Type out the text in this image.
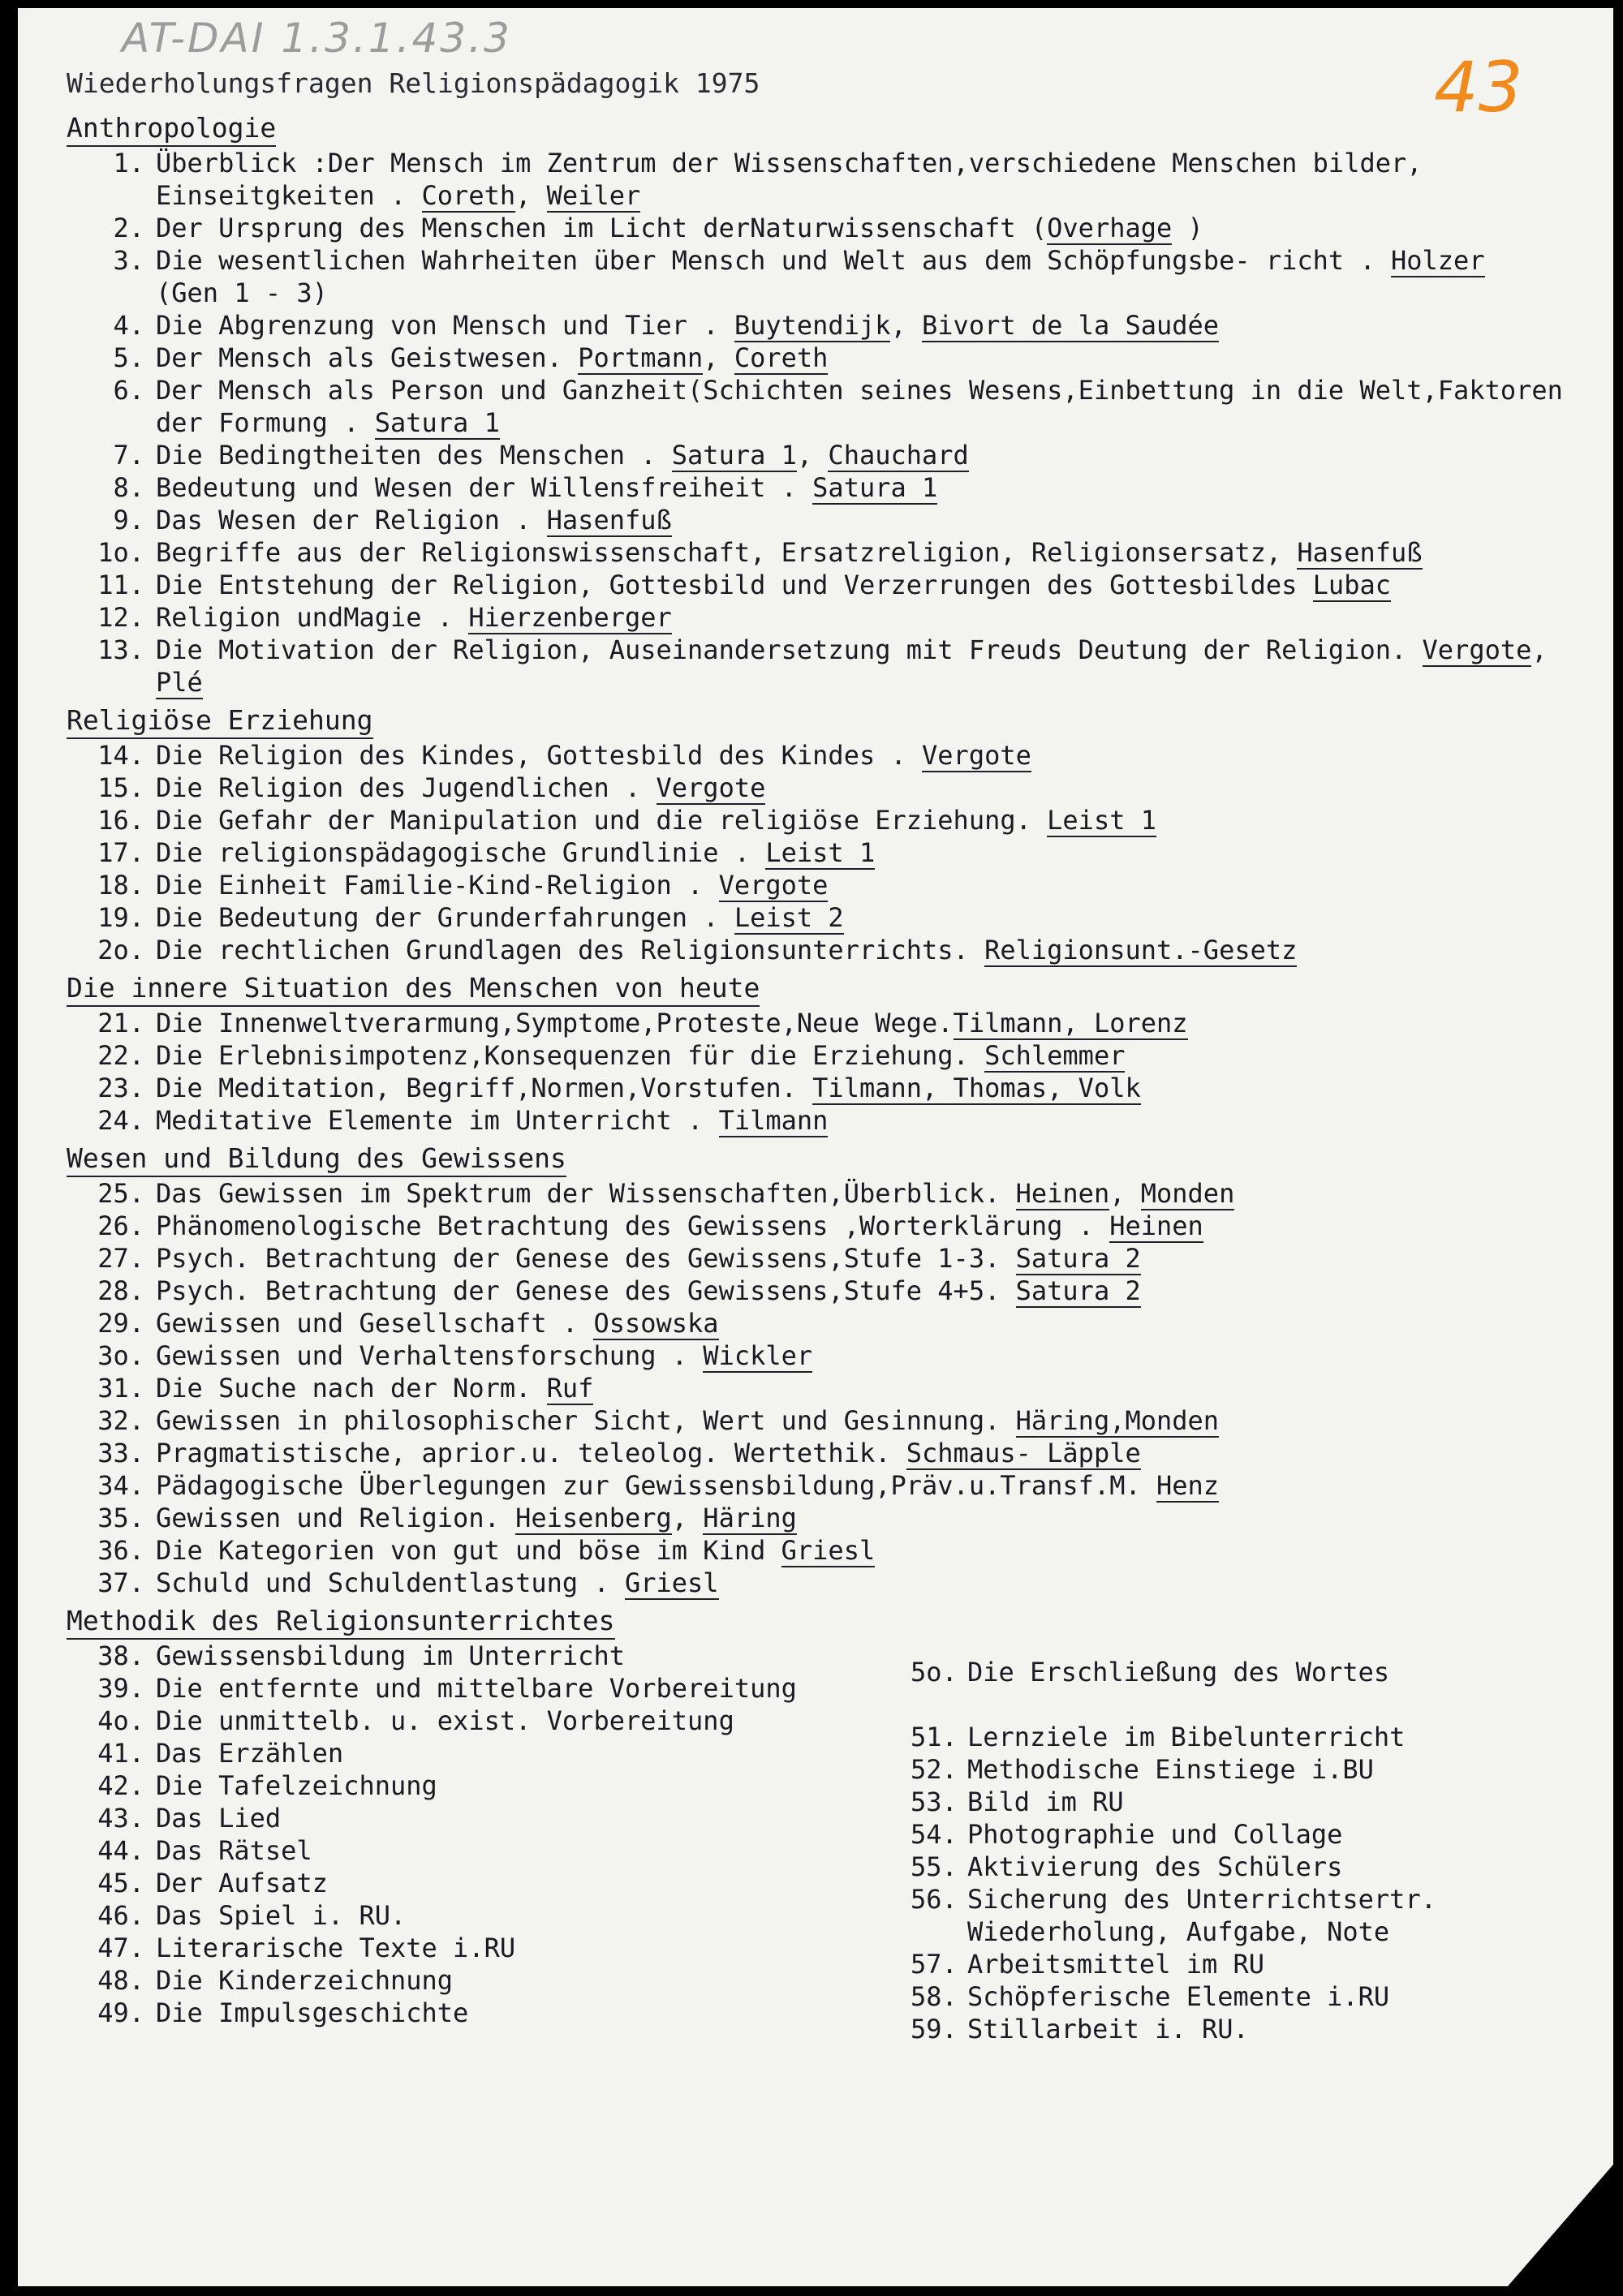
AT-DAI 1.3.1.43.3
43
Wiederholungsfragen Religionspädagogik 1975
Anthropologie
1. Überblick :Der Mensch im Zentrum der Wissenschaften,verschiedene Menschen bilder, Einseitgkeiten . Coreth, Weiler
2. Der Ursprung des Menschen im Licht derNaturwissenschaft (Overhage )
3. Die wesentlichen Wahrheiten über Mensch und Welt aus dem Schöpfungsbe- richt . Holzer       (Gen 1 - 3)
4. Die Abgrenzung von Mensch und Tier . Buytendijk, Bivort de la Saudée
5. Der Mensch als Geistwesen. Portmann, Coreth
6. Der Mensch als Person und Ganzheit(Schichten seines Wesens,Einbettung in die Welt,Faktoren der Formung . Satura 1
7. Die Bedingtheiten des Menschen . Satura 1, Chauchard
8. Bedeutung und Wesen der Willensfreiheit . Satura 1
9. Das Wesen der Religion . Hasenfuß
1o. Begriffe aus der Religionswissenschaft, Ersatzreligion, Religionsersatz, Hasenfuß
11. Die Entstehung der Religion, Gottesbild und Verzerrungen des Gottesbildes Lubac
12. Religion undMagie . Hierzenberger
13. Die Motivation der Religion, Auseinandersetzung mit Freuds Deutung der Religion. Vergote, Plé
Religiöse Erziehung
14. Die Religion des Kindes, Gottesbild des Kindes . Vergote
15. Die Religion des Jugendlichen . Vergote
16. Die Gefahr der Manipulation und die religiöse Erziehung. Leist 1
17. Die religionspädagogische Grundlinie . Leist 1
18. Die Einheit Familie-Kind-Religion . Vergote
19. Die Bedeutung der Grunderfahrungen . Leist 2
2o. Die rechtlichen Grundlagen des Religionsunterrichts. Religionsunt.-Gesetz
Die innere Situation des Menschen von heute
21. Die Innenweltverarmung,Symptome,Proteste,Neue Wege.Tilmann, Lorenz
22. Die Erlebnisimpotenz,Konsequenzen für die Erziehung. Schlemmer
23. Die Meditation, Begriff,Normen,Vorstufen. Tilmann, Thomas, Volk
24. Meditative Elemente im Unterricht . Tilmann
Wesen und Bildung des Gewissens
25. Das Gewissen im Spektrum der Wissenschaften,Überblick. Heinen, Monden
26. Phänomenologische Betrachtung des Gewissens ,Worterklärung . Heinen
27. Psych. Betrachtung der Genese des Gewissens,Stufe 1-3. Satura 2
28. Psych. Betrachtung der Genese des Gewissens,Stufe 4+5. Satura 2
29. Gewissen und Gesellschaft . Ossowska
3o. Gewissen und Verhaltensforschung . Wickler
31. Die Suche nach der Norm. Ruf
32. Gewissen in philosophischer Sicht, Wert und Gesinnung. Häring,Monden
33. Pragmatistische, aprior.u. teleolog. Wertethik. Schmaus- Läpple
34. Pädagogische Überlegungen zur Gewissensbildung,Präv.u.Transf.M. Henz
35. Gewissen und Religion. Heisenberg, Häring
36. Die Kategorien von gut und böse im Kind Griesl
37. Schuld und Schuldentlastung . Griesl
Methodik des Religionsunterrichtes
38. Gewissensbildung im Unterricht
39. Die entfernte und mittelbare Vorbereitung
4o. Die unmittelb. u. exist. Vorbereitung
41. Das Erzählen
42. Die Tafelzeichnung
43. Das Lied
44. Das Rätsel
45. Der Aufsatz
46. Das Spiel i. RU.
47. Literarische Texte i.RU
48. Die Kinderzeichnung
49. Die Impulsgeschichte
5o. Die Erschließung des Wortes
51. Lernziele im Bibelunterricht
52. Methodische Einstiege i.BU
53. Bild im RU
54. Photographie und Collage
55. Aktivierung des Schülers
56. Sicherung des Unterrichtsertr. Wiederholung, Aufgabe, Note
57. Arbeitsmittel im RU
58. Schöpferische Elemente i.RU
59. Stillarbeit i. RU.
